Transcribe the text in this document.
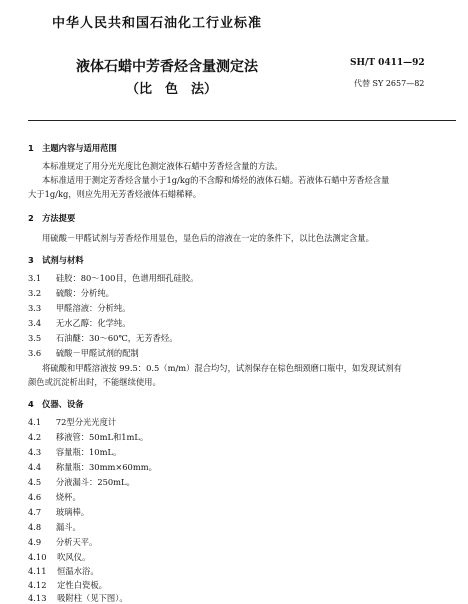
中华人民共和国石油化工行业标准
液体石蜡中芳香烃含量测定法
（比　色　法）
SH/T 0411—92
代替 SY 2657—82
1　主题内容与适用范围
本标准规定了用分光光度比色测定液体石蜡中芳香烃含量的方法。
本标准适用于测定芳香烃含量小于1g/kg的不含醇和烯烃的液体石蜡。若液体石蜡中芳香烃含量
大于1g/kg，则应先用无芳香烃液体石蜡稀释。
2　方法提要
用硫酸－甲醛试剂与芳香烃作用显色，显色后的溶液在一定的条件下，以比色法测定含量。
3　试剂与材料
3.1 硅胶：80～100目，色谱用细孔硅胶。
3.2 硫酸：分析纯。
3.3 甲醛溶液：分析纯。
3.4 无水乙醇：化学纯。
3.5 石油醚：30～60℃，无芳香烃。
3.6 硫酸－甲醛试剂的配制
将硫酸和甲醛溶液按 99.5：0.5（m/m）混合均匀，试剂保存在棕色细颈磨口瓶中，如发现试剂有
颜色或沉淀析出时，不能继续使用。
4　仪器、设备
4.1 72型分光光度计
4.2 移液管：50mL和1mL。
4.3 容量瓶：10mL。
4.4 称量瓶：30mm×60mm。
4.5 分液漏斗：250mL。
4.6 烧杯。
4.7 玻璃棒。
4.8 漏斗。
4.9 分析天平。
4.10 吹风仪。
4.11 恒温水浴。
4.12 定性白瓷板。
4.13 吸附柱（见下图）。
